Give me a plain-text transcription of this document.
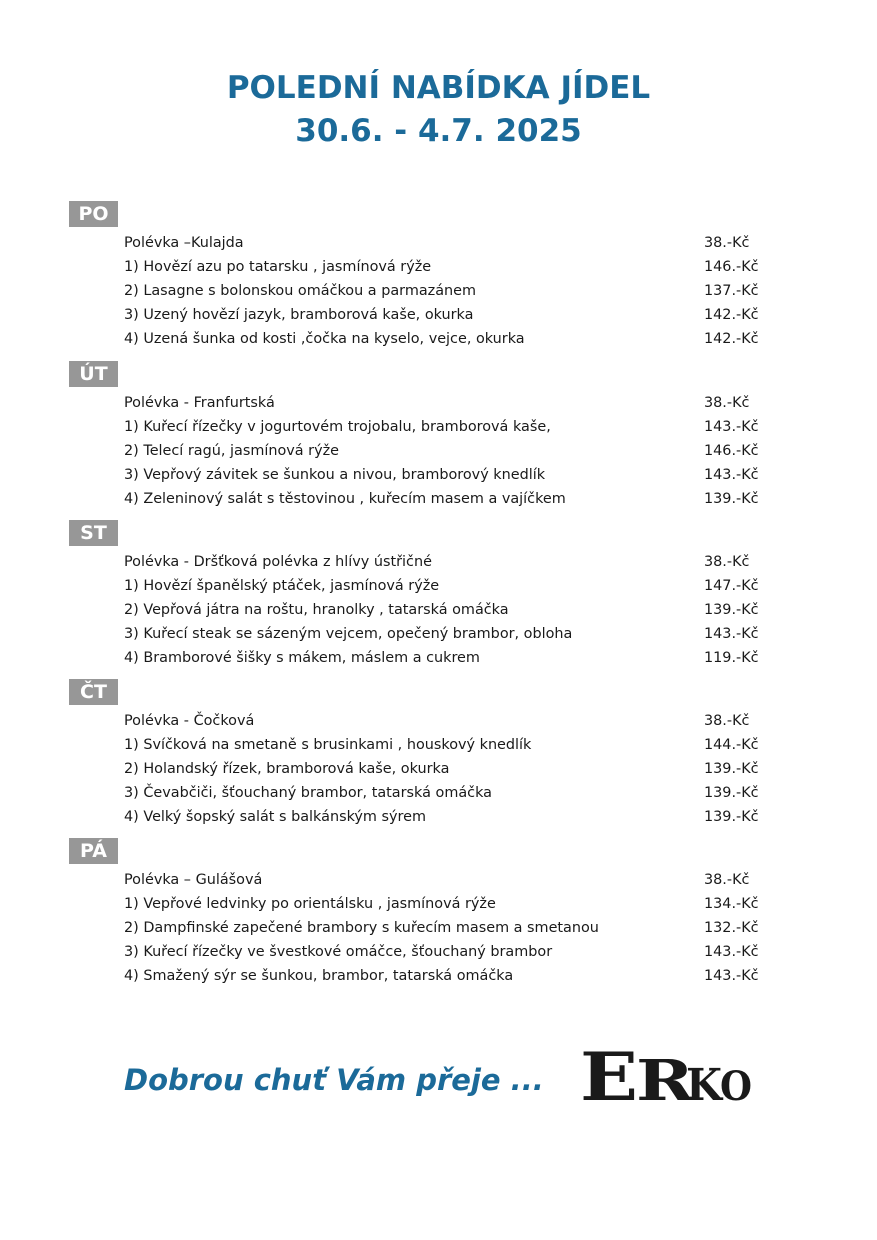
POLEDNÍ NABÍDKA JÍDEL
30.6. - 4.7. 2025
PO
Polévka –Kulajda	38.-Kč
1) Hovězí azu po tatarsku , jasmínová rýže	146.-Kč
2) Lasagne s bolonskou omáčkou a parmazánem	137.-Kč
3) Uzený hovězí jazyk, bramborová kaše, okurka	142.-Kč
4) Uzená šunka od kosti ,čočka na kyselo, vejce, okurka	142.-Kč
ÚT
Polévka - Franfurtská	38.-Kč
1) Kuřecí řízečky v jogurtovém trojobalu, bramborová kaše,	143.-Kč
2) Telecí ragú, jasmínová rýže	146.-Kč
3) Vepřový závitek se šunkou a nivou, bramborový knedlík	143.-Kč
4) Zeleninový salát s těstovinou , kuřecím masem a vajíčkem	139.-Kč
ST
Polévka - Dršťková polévka z hlívy ústřičné	38.-Kč
1) Hovězí španělský ptáček, jasmínová rýže	147.-Kč
2) Vepřová játra na roštu, hranolky , tatarská omáčka	139.-Kč
3) Kuřecí steak se sázeným vejcem, opečený brambor, obloha	143.-Kč
4) Bramborové šišky s mákem, máslem a cukrem	119.-Kč
ČT
Polévka - Čočková	38.-Kč
1) Svíčková na smetaně s brusinkami , houskový knedlík	144.-Kč
2) Holandský řízek, bramborová kaše, okurka	139.-Kč
3) Čevabčiči, šťouchaný brambor, tatarská omáčka	139.-Kč
4) Velký šopský salát s balkánským sýrem	139.-Kč
PÁ
Polévka – Gulášová	38.-Kč
1) Vepřové ledvinky po orientálsku , jasmínová rýže	134.-Kč
2) Dampfinské zapečené brambory s kuřecím masem a smetanou	132.-Kč
3) Kuřecí řízečky ve švestkové omáčce, šťouchaný brambor	143.-Kč
4) Smažený sýr se šunkou, brambor, tatarská omáčka	143.-Kč

Dobrou chuť Vám přeje ... E
R
K
O
